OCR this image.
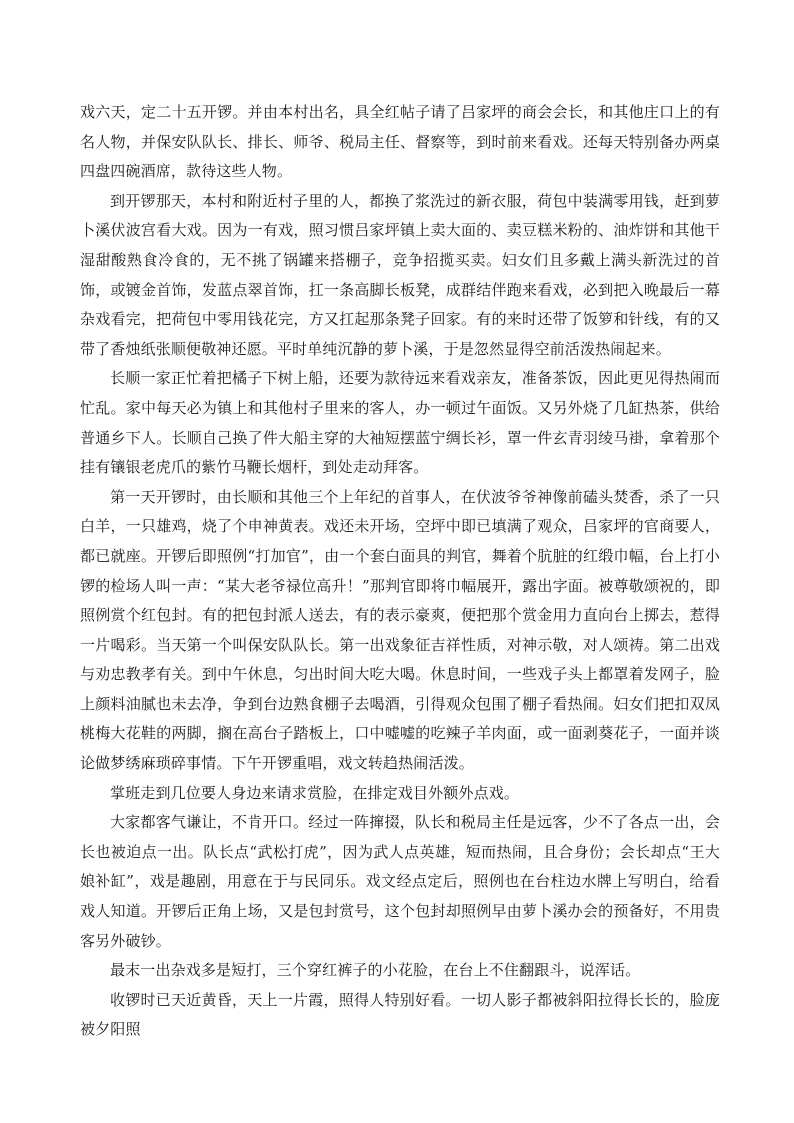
戏六天，定二十五开锣。并由本村出名，具全红帖子请了吕家坪的商会会长，和其他庄口上的有名人物，并保安队队长、排长、师爷、税局主任、督察等，到时前来看戏。还每天特别备办两桌四盘四碗酒席，款待这些人物。

到开锣那天，本村和附近村子里的人，都换了浆洗过的新衣服，荷包中装满零用钱，赶到萝卜溪伏波宫看大戏。因为一有戏，照习惯吕家坪镇上卖大面的、卖豆糕米粉的、油炸饼和其他干湿甜酸熟食冷食的，无不挑了锅罐来搭棚子，竞争招揽买卖。妇女们且多戴上满头新洗过的首饰，或镀金首饰，发蓝点翠首饰，扛一条高脚长板凳，成群结伴跑来看戏，必到把入晚最后一幕杂戏看完，把荷包中零用钱花完，方又扛起那条凳子回家。有的来时还带了饭箩和针线，有的又带了香烛纸张顺便敬神还愿。平时单纯沉静的萝卜溪，于是忽然显得空前活泼热闹起来。

长顺一家正忙着把橘子下树上船，还要为款待远来看戏亲友，准备茶饭，因此更见得热闹而忙乱。家中每天必为镇上和其他村子里来的客人，办一顿过午面饭。又另外烧了几缸热茶，供给普通乡下人。长顺自己换了件大船主穿的大袖短摆蓝宁绸长衫，罩一件玄青羽绫马褂，拿着那个挂有镶银老虎爪的紫竹马鞭长烟杆，到处走动拜客。

第一天开锣时，由长顺和其他三个上年纪的首事人，在伏波爷爷神像前磕头焚香，杀了一只白羊，一只雄鸡，烧了个申神黄表。戏还未开场，空坪中即已填满了观众，吕家坪的官商要人，都已就座。开锣后即照例“打加官”，由一个套白面具的判官，舞着个肮脏的红缎巾幅，台上打小锣的检场人叫一声：“某大老爷禄位高升！”那判官即将巾幅展开，露出字面。被尊敬颂祝的，即照例赏个红包封。有的把包封派人送去，有的表示豪爽，便把那个赏金用力直向台上掷去，惹得一片喝彩。当天第一个叫保安队队长。第一出戏象征吉祥性质，对神示敬，对人颂祷。第二出戏与劝忠教孝有关。到中午休息，匀出时间大吃大喝。休息时间，一些戏子头上都罩着发网子，脸上颜料油腻也未去净，争到台边熟食棚子去喝酒，引得观众包围了棚子看热闹。妇女们把扣双凤桃梅大花鞋的两脚，搁在高台子踏板上，口中嘘嘘的吃辣子羊肉面，或一面剥葵花子，一面并谈论做梦绣麻琐碎事情。下午开锣重唱，戏文转趋热闹活泼。

掌班走到几位要人身边来请求赏脸，在排定戏目外额外点戏。

大家都客气谦让，不肯开口。经过一阵撺掇，队长和税局主任是远客，少不了各点一出，会长也被迫点一出。队长点“武松打虎”，因为武人点英雄，短而热闹，且合身份；会长却点“王大娘补缸”，戏是趣剧，用意在于与民同乐。戏文经点定后，照例也在台柱边水牌上写明白，给看戏人知道。开锣后正角上场，又是包封赏号，这个包封却照例早由萝卜溪办会的预备好，不用贵客另外破钞。

最末一出杂戏多是短打，三个穿红裤子的小花脸，在台上不住翻跟斗，说浑话。

收锣时已天近黄昏，天上一片霞，照得人特别好看。一切人影子都被斜阳拉得长长的，脸庞被夕阳照
